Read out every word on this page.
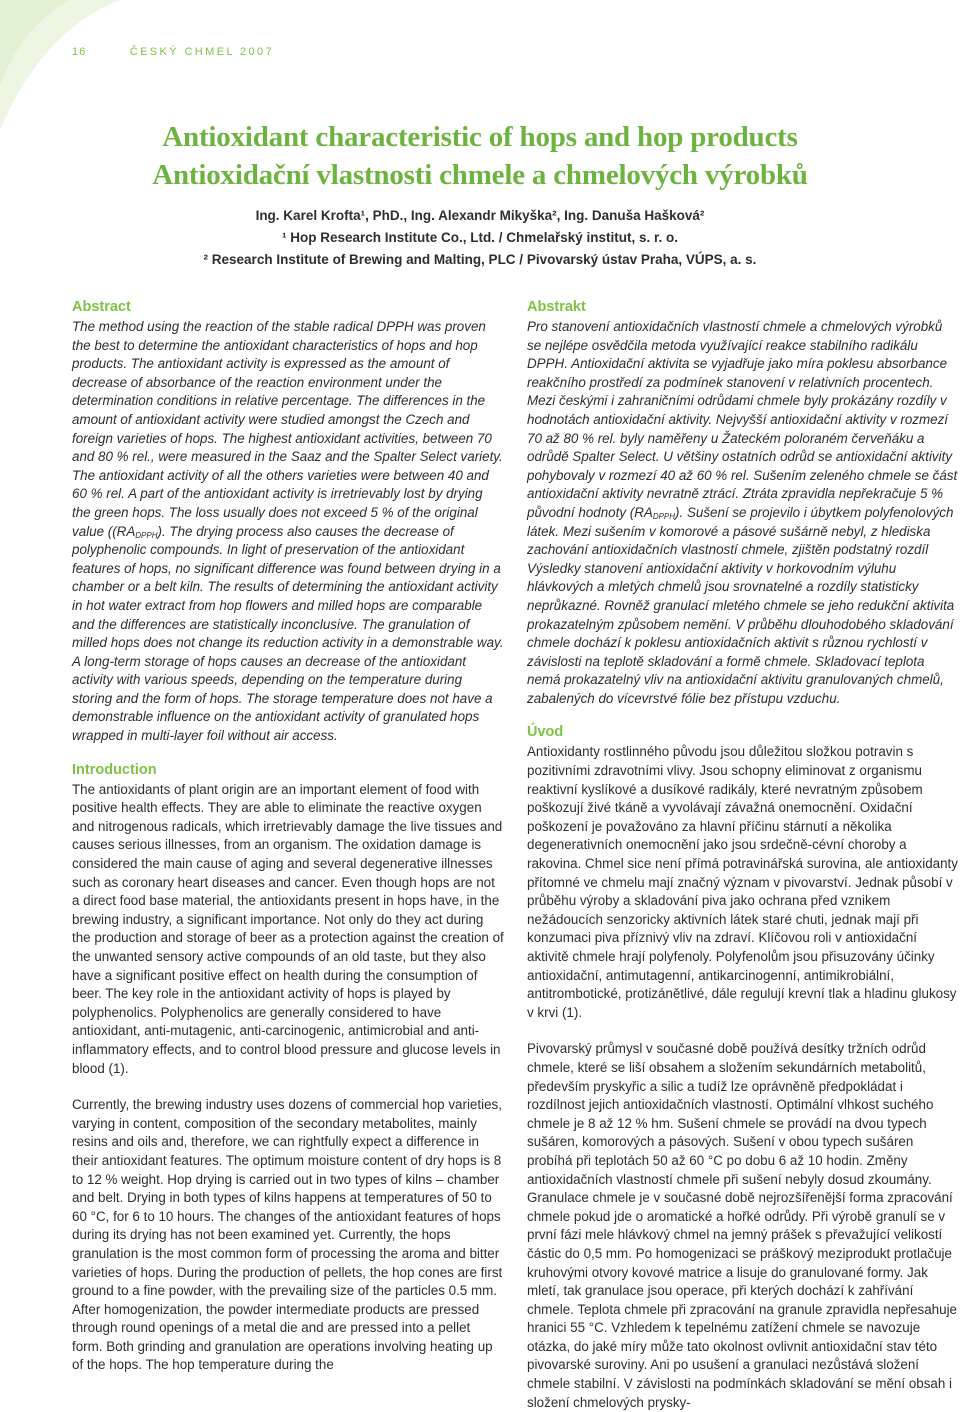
16	ČESKÝ CHMEL 2007
Antioxidant characteristic of hops and hop products
Antioxidační vlastnosti chmele a chmelových výrobků
Ing. Karel Krofta¹, PhD., Ing. Alexandr Mikyška², Ing. Danuša Hašková²
¹ Hop Research Institute Co., Ltd. / Chmelařský institut, s. r. o.
² Research Institute of Brewing and Malting, PLC / Pivovarský ústav Praha, VÚPS, a. s.
Abstract

The method using the reaction of the stable radical DPPH was proven the best to determine the antioxidant characteristics of hops and hop products. The antioxidant activity is expressed as the amount of decrease of absorbance of the reaction environment under the determination conditions in relative percentage. The differences in the amount of antioxidant activity were studied amongst the Czech and foreign varieties of hops. The highest antioxidant activities, between 70 and 80 % rel., were measured in the Saaz and the Spalter Select variety. The antioxidant activity of all the others varieties were between 40 and 60 % rel. A part of the antioxidant activity is irretrievably lost by drying the green hops. The loss usually does not exceed 5 % of the original value ($(RA_{DPPH})$. The drying process also causes the decrease of polyphenolic compounds. In light of preservation of the antioxidant features of hops, no significant difference was found between drying in a chamber or a belt kiln. The results of determining the antioxidant activity in hot water extract from hop flowers and milled hops are comparable and the differences are statistically inconclusive. The granulation of milled hops does not change its reduction activity in a demonstrable way. A long-term storage of hops causes an decrease of the antioxidant activity with various speeds, depending on the temperature during storing and the form of hops. The storage temperature does not have a demonstrable influence on the antioxidant activity of granulated hops wrapped in multi-layer foil without air access.

Introduction

The antioxidants of plant origin are an important element of food with positive health effects. They are able to eliminate the reactive oxygen and nitrogenous radicals, which irretrievably damage the live tissues and causes serious illnesses, from an organism. The oxidation damage is considered the main cause of aging and several degenerative illnesses such as coronary heart diseases and cancer. Even though hops are not a direct food base material, the antioxidants present in hops have, in the brewing industry, a significant importance. Not only do they act during the production and storage of beer as a protection against the creation of the unwanted sensory active compounds of an old taste, but they also have a significant positive effect on health during the consumption of beer. The key role in the antioxidant activity of hops is played by polyphenolics. Polyphenolics are generally considered to have antioxidant, anti-mutagenic, anti-carcinogenic, antimicrobial and anti-inflammatory effects, and to control blood pressure and glucose levels in blood (1).

Currently, the brewing industry uses dozens of commercial hop varieties, varying in content, composition of the secondary metabolites, mainly resins and oils and, therefore, we can rightfully expect a difference in their antioxidant features. The optimum moisture content of dry hops is 8 to 12 % weight. Hop drying is carried out in two types of kilns – chamber and belt. Drying in both types of kilns happens at temperatures of 50 to 60 °C, for 6 to 10 hours. The changes of the antioxidant features of hops during its drying has not been examined yet. Currently, the hops granulation is the most common form of processing the aroma and bitter varieties of hops. During the production of pellets, the hop cones are first ground to a fine powder, with the prevailing size of the particles 0.5 mm. After homogenization, the powder intermediate products are pressed through round openings of a metal die and are pressed into a pellet form. Both grinding and granulation are operations involving heating up of the hops. The hop temperature during the

Abstrakt

Pro stanovení antioxidačních vlastností chmele a chmelových výrobků se nejlépe osvědčila metoda využívající reakce stabilního radikálu DPPH. Antioxidační aktivita se vyjadřuje jako míra poklesu absorbance reakčního prostředí za podmínek stanovení v relativních procentech. Mezi českými i zahraničními odrůdami chmele byly prokázány rozdíly v hodnotách antioxidační aktivity. Nejvyšší antioxidační aktivity v rozmezí 70 až 80 % rel. byly naměřeny u Žateckém poloraném červeňáku a odrůdě Spalter Select. U většiny ostatních odrůd se antioxidační aktivity pohybovaly v rozmezí 40 až 60 % rel. Sušením zeleného chmele se část antioxidační aktivity nevratně ztrácí. Ztráta zpravidla nepřekračuje 5 % původní hodnoty $(RA_{DPPH})$. Sušení se projevilo i úbytkem polyfenolových látek. Mezi sušením v komorové a pásové sušárně nebyl, z hlediska zachování antioxidačních vlastností chmele, zjištěn podstatný rozdíl Výsledky stanovení antioxidační aktivity v horkovodním výluhu hlávkových a mletých chmelů jsou srovnatelné a rozdíly statisticky neprůkazné. Rovněž granulací mletého chmele se jeho redukční aktivita prokazatelným způsobem nemění. V průběhu dlouhodobého skladování chmele dochází k poklesu antioxidačních aktivit s různou rychlostí v závislosti na teplotě skladování a formě chmele. Skladovací teplota nemá prokazatelný vliv na antioxidační aktivitu granulovaných chmelů, zabalených do vícevrstvé fólie bez přístupu vzduchu.

Úvod

Antioxidanty rostlinného původu jsou důležitou složkou potravin s pozitivními zdravotními vlivy. Jsou schopny eliminovat z organismu reaktivní kyslíkové a dusíkové radikály, které nevratným způsobem poškozují živé tkáně a vyvolávají závažná onemocnění. Oxidační poškození je považováno za hlavní příčinu stárnutí a několika degenerativních onemocnění jako jsou srdečně-cévní choroby a rakovina. Chmel sice není přímá potravinářská surovina, ale antioxidanty přítomné ve chmelu mají značný význam v pivovarství. Jednak působí v průběhu výroby a skladování piva jako ochrana před vznikem nežádoucích senzoricky aktivních látek staré chuti, jednak mají při konzumaci piva příznivý vliv na zdraví. Klíčovou roli v antioxidační aktivitě chmele hrají polyfenoly. Polyfenolům jsou přisuzovány účinky antioxidační, antimutagenní, antikarcinogenní, antimikrobiální, antitrombotické, protizánětlivé, dále regulují krevní tlak a hladinu glukosy v krvi (1).

Pivovarský průmysl v současné době používá desítky tržních odrůd chmele, které se liší obsahem a složením sekundárních metabolitů, především pryskyřic a silic a tudíž lze oprávněně předpokládat i rozdílnost jejich antioxidačních vlastností. Optimální vlhkost suchého chmele je 8 až 12 % hm. Sušení chmele se provádí na dvou typech sušáren, komorových a pásových. Sušení v obou typech sušáren probíhá při teplotách 50 až 60 °C po dobu 6 až 10 hodin. Změny antioxidačních vlastností chmele při sušení nebyly dosud zkoumány. Granulace chmele je v současné době nejrozšířenější forma zpracování chmele pokud jde o aromatické a hořké odrůdy. Při výrobě granulí se v první fázi mele hlávkový chmel na jemný prášek s převažující velikostí částic do 0,5 mm. Po homogenizaci se práškový meziprodukt protlačuje kruhovými otvory kovové matrice a lisuje do granulované formy. Jak mletí, tak granulace jsou operace, při kterých dochází k zahřívání chmele. Teplota chmele při zpracování na granule zpravidla nepřesahuje hranici 55 °C. Vzhledem k tepelnému zatížení chmele se navozuje otázka, do jaké míry může tato okolnost ovlivnit antioxidační stav této pivovarské suroviny. Ani po usušení a granulaci nezůstává složení chmele stabilní. V závislosti na podmínkách skladování se mění obsah i složení chmelových prysky-
